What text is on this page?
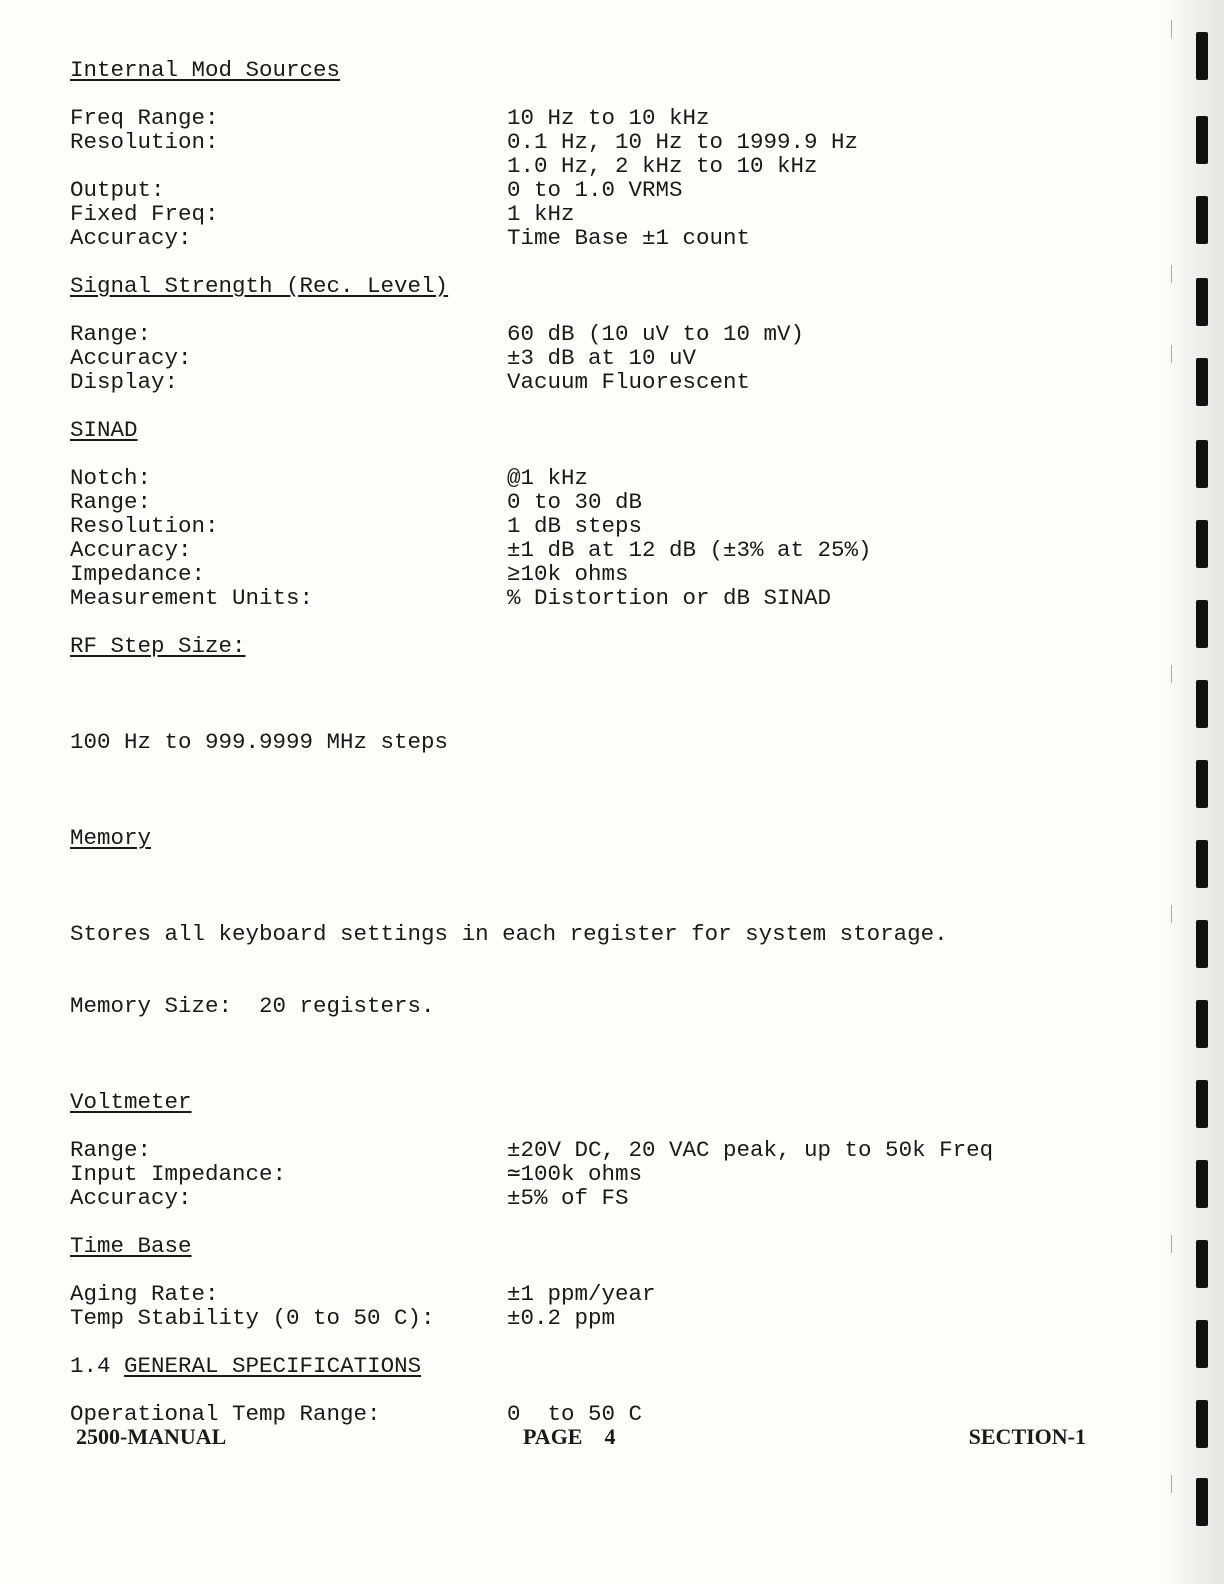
Internal Mod Sources
Freq Range:	10 Hz to 10 kHz
Resolution:	0.1 Hz, 10 Hz to 1999.9 Hz
1.0 Hz, 2 kHz to 10 kHz
Output:	0 to 1.0 VRMS
Fixed Freq:	1 kHz
Accuracy:	Time Base ±1 count
Signal Strength (Rec. Level)
Range:	60 dB (10 uV to 10 mV)
Accuracy:	±3 dB at 10 uV
Display:	Vacuum Fluorescent
SINAD
Notch:	@1 kHz
Range:	0 to 30 dB
Resolution:	1 dB steps
Accuracy:	±1 dB at 12 dB (±3% at 25%)
Impedance:	≥10k ohms
Measurement Units:	% Distortion or dB SINAD
RF Step Size:

100 Hz to 999.9999 MHz steps

Memory

Stores all keyboard settings in each register for system storage.

Memory Size:  20 registers.

Voltmeter
Range:	±20V DC, 20 VAC peak, up to 50k Freq
Input Impedance:	≃100k ohms
Accuracy:	±5% of FS
Time Base
Aging Rate:	±1 ppm/year
Temp Stability (0 to 50 C):	±0.2 ppm
1.4 GENERAL SPECIFICATIONS
Operational Temp Range:	0  to 50 C
2500-MANUAL	PAGE 4	SECTION-1
